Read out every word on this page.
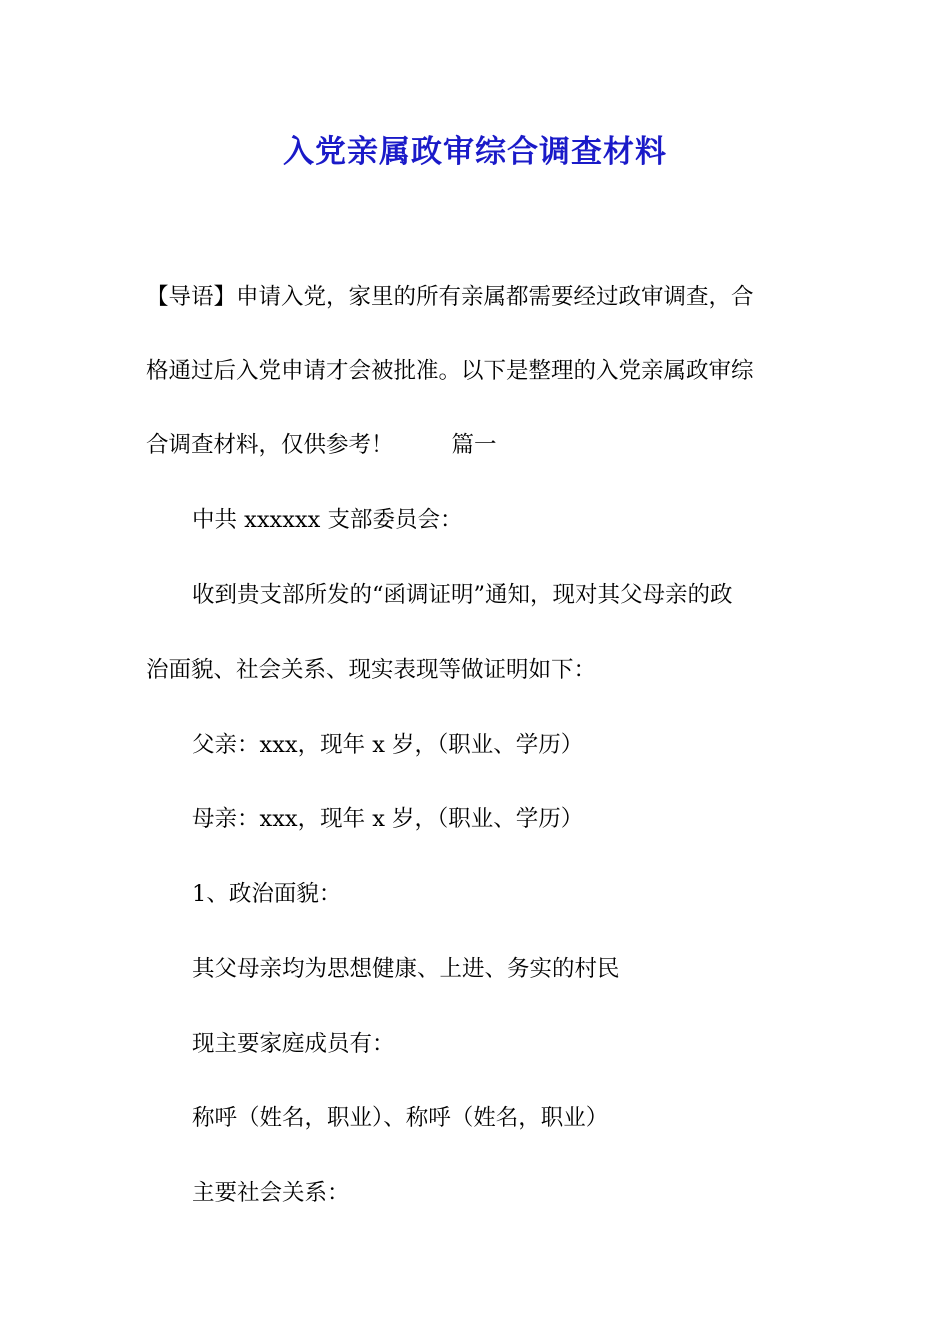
入党亲属政审综合调查材料

【导语】申请入党，家里的所有亲属都需要经过政审调查，合

格通过后入党申请才会被批准。以下是整理的入党亲属政审综

合调查材料，仅供参考！	篇一

中共 xxxxxx 支部委员会：

收到贵支部所发的“函调证明”通知，现对其父母亲的政

治面貌、社会关系、现实表现等做证明如下：

父亲：xxx，现年 x 岁，（职业、学历）

母亲：xxx，现年 x 岁，（职业、学历）

1、政治面貌：

其父母亲均为思想健康、上进、务实的村民

现主要家庭成员有：

称呼（姓名，职业）、称呼（姓名，职业）

主要社会关系：
